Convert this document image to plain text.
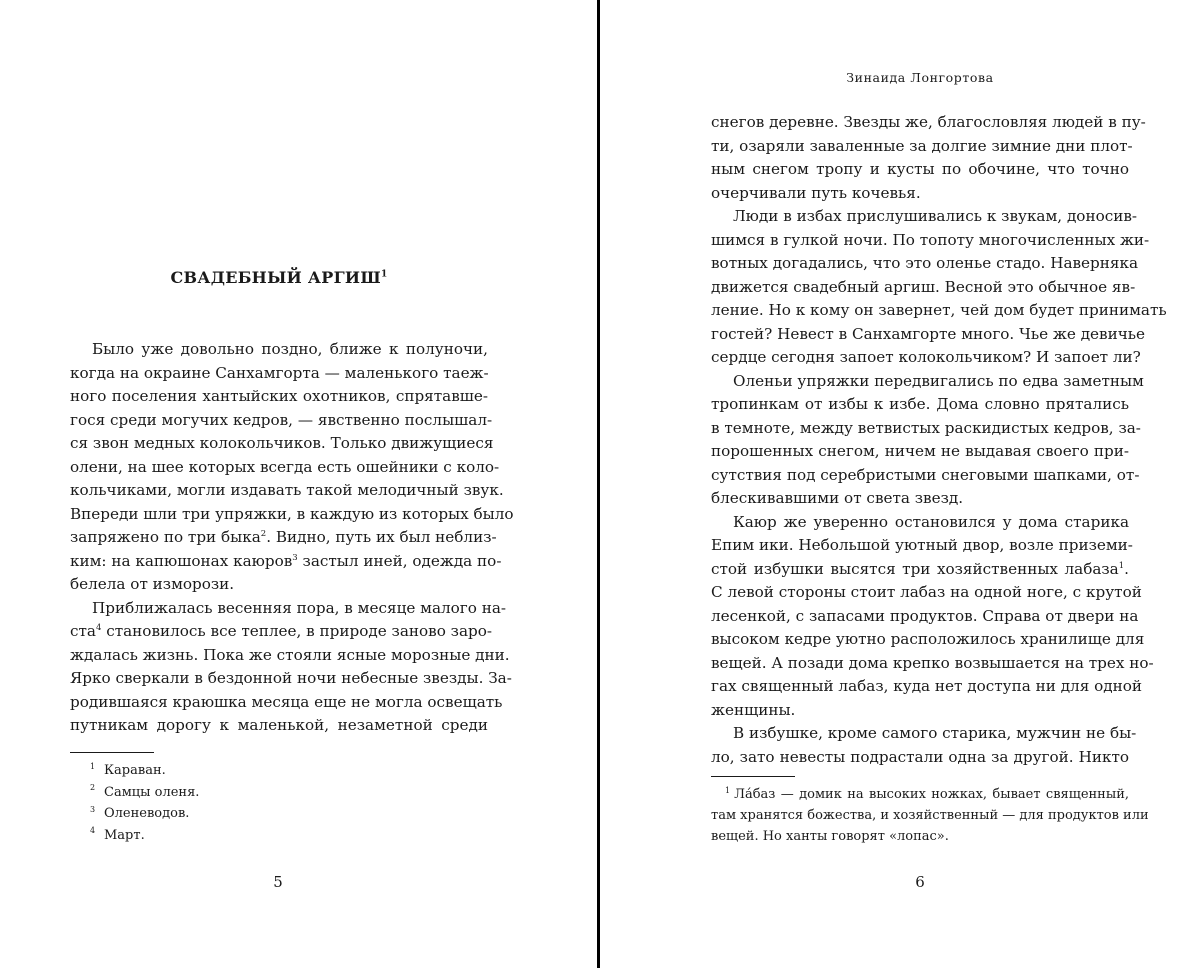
СВАДЕБНЫЙ АРГИШ$^1$
Было уже довольно поздно, ближе к полуночи,
когда на окраине Санхамгорта — маленького таеж-
ного поселения хантыйских охотников, спрятавше-
гося среди могучих кедров, — явственно послышал-
ся звон медных колокольчиков. Только движущиеся
олени, на шее которых всегда есть ошейники с коло-
кольчиками, могли издавать такой мелодичный звук.
Впереди шли три упряжки, в каждую из которых было
запряжено по три быка$^2$. Видно, путь их был неблиз-
ким: на капюшонах каюров$^3$ застыл иней, одежда по-
белела от изморози.
Приближалась весенняя пора, в месяце малого на-
ста$^4$ становилось все теплее, в природе заново заро-
ждалась жизнь. Пока же стояли ясные морозные дни.
Ярко сверкали в бездонной ночи небесные звезды. За-
родившаяся краюшка месяца еще не могла освещать
путникам дорогу к маленькой, незаметной среди
1 Караван.
2 Самцы оленя.
3 Оленеводов.
4 Март.
5
Зинаида Лонгортова
снегов деревне. Звезды же, благословляя людей в пу-
ти, озаряли заваленные за долгие зимние дни плот-
ным снегом тропу и кусты по обочине, что точно
очерчивали путь кочевья.
Люди в избах прислушивались к звукам, доносив-
шимся в гулкой ночи. По топоту многочисленных жи-
вотных догадались, что это оленье стадо. Наверняка
движется свадебный аргиш. Весной это обычное яв-
ление. Но к кому он завернет, чей дом будет принимать
гостей? Невест в Санхамгорте много. Чье же девичье
сердце сегодня запоет колокольчиком? И запоет ли?
Оленьи упряжки передвигались по едва заметным
тропинкам от избы к избе. Дома словно прятались
в темноте, между ветвистых раскидистых кедров, за-
порошенных снегом, ничем не выдавая своего при-
сутствия под серебристыми снеговыми шапками, от-
блескивавшими от света звезд.
Каюр же уверенно остановился у дома старика
Епим ики. Небольшой уютный двор, возле приземи-
стой избушки высятся три хозяйственных лабаза$^1$.
С левой стороны стоит лабаз на одной ноге, с крутой
лесенкой, с запасами продуктов. Справа от двери на
высоком кедре уютно расположилось хранилище для
вещей. А позади дома крепко возвышается на трех но-
гах священный лабаз, куда нет доступа ни для одной
женщины.
В избушке, кроме самого старика, мужчин не бы-
ло, зато невесты подрастали одна за другой. Никто
$^1$ Ла́баз — домик на высоких ножках, бывает священный,
там хранятся божества, и хозяйственный — для продуктов или
вещей. Но ханты говорят «лопас».
6
